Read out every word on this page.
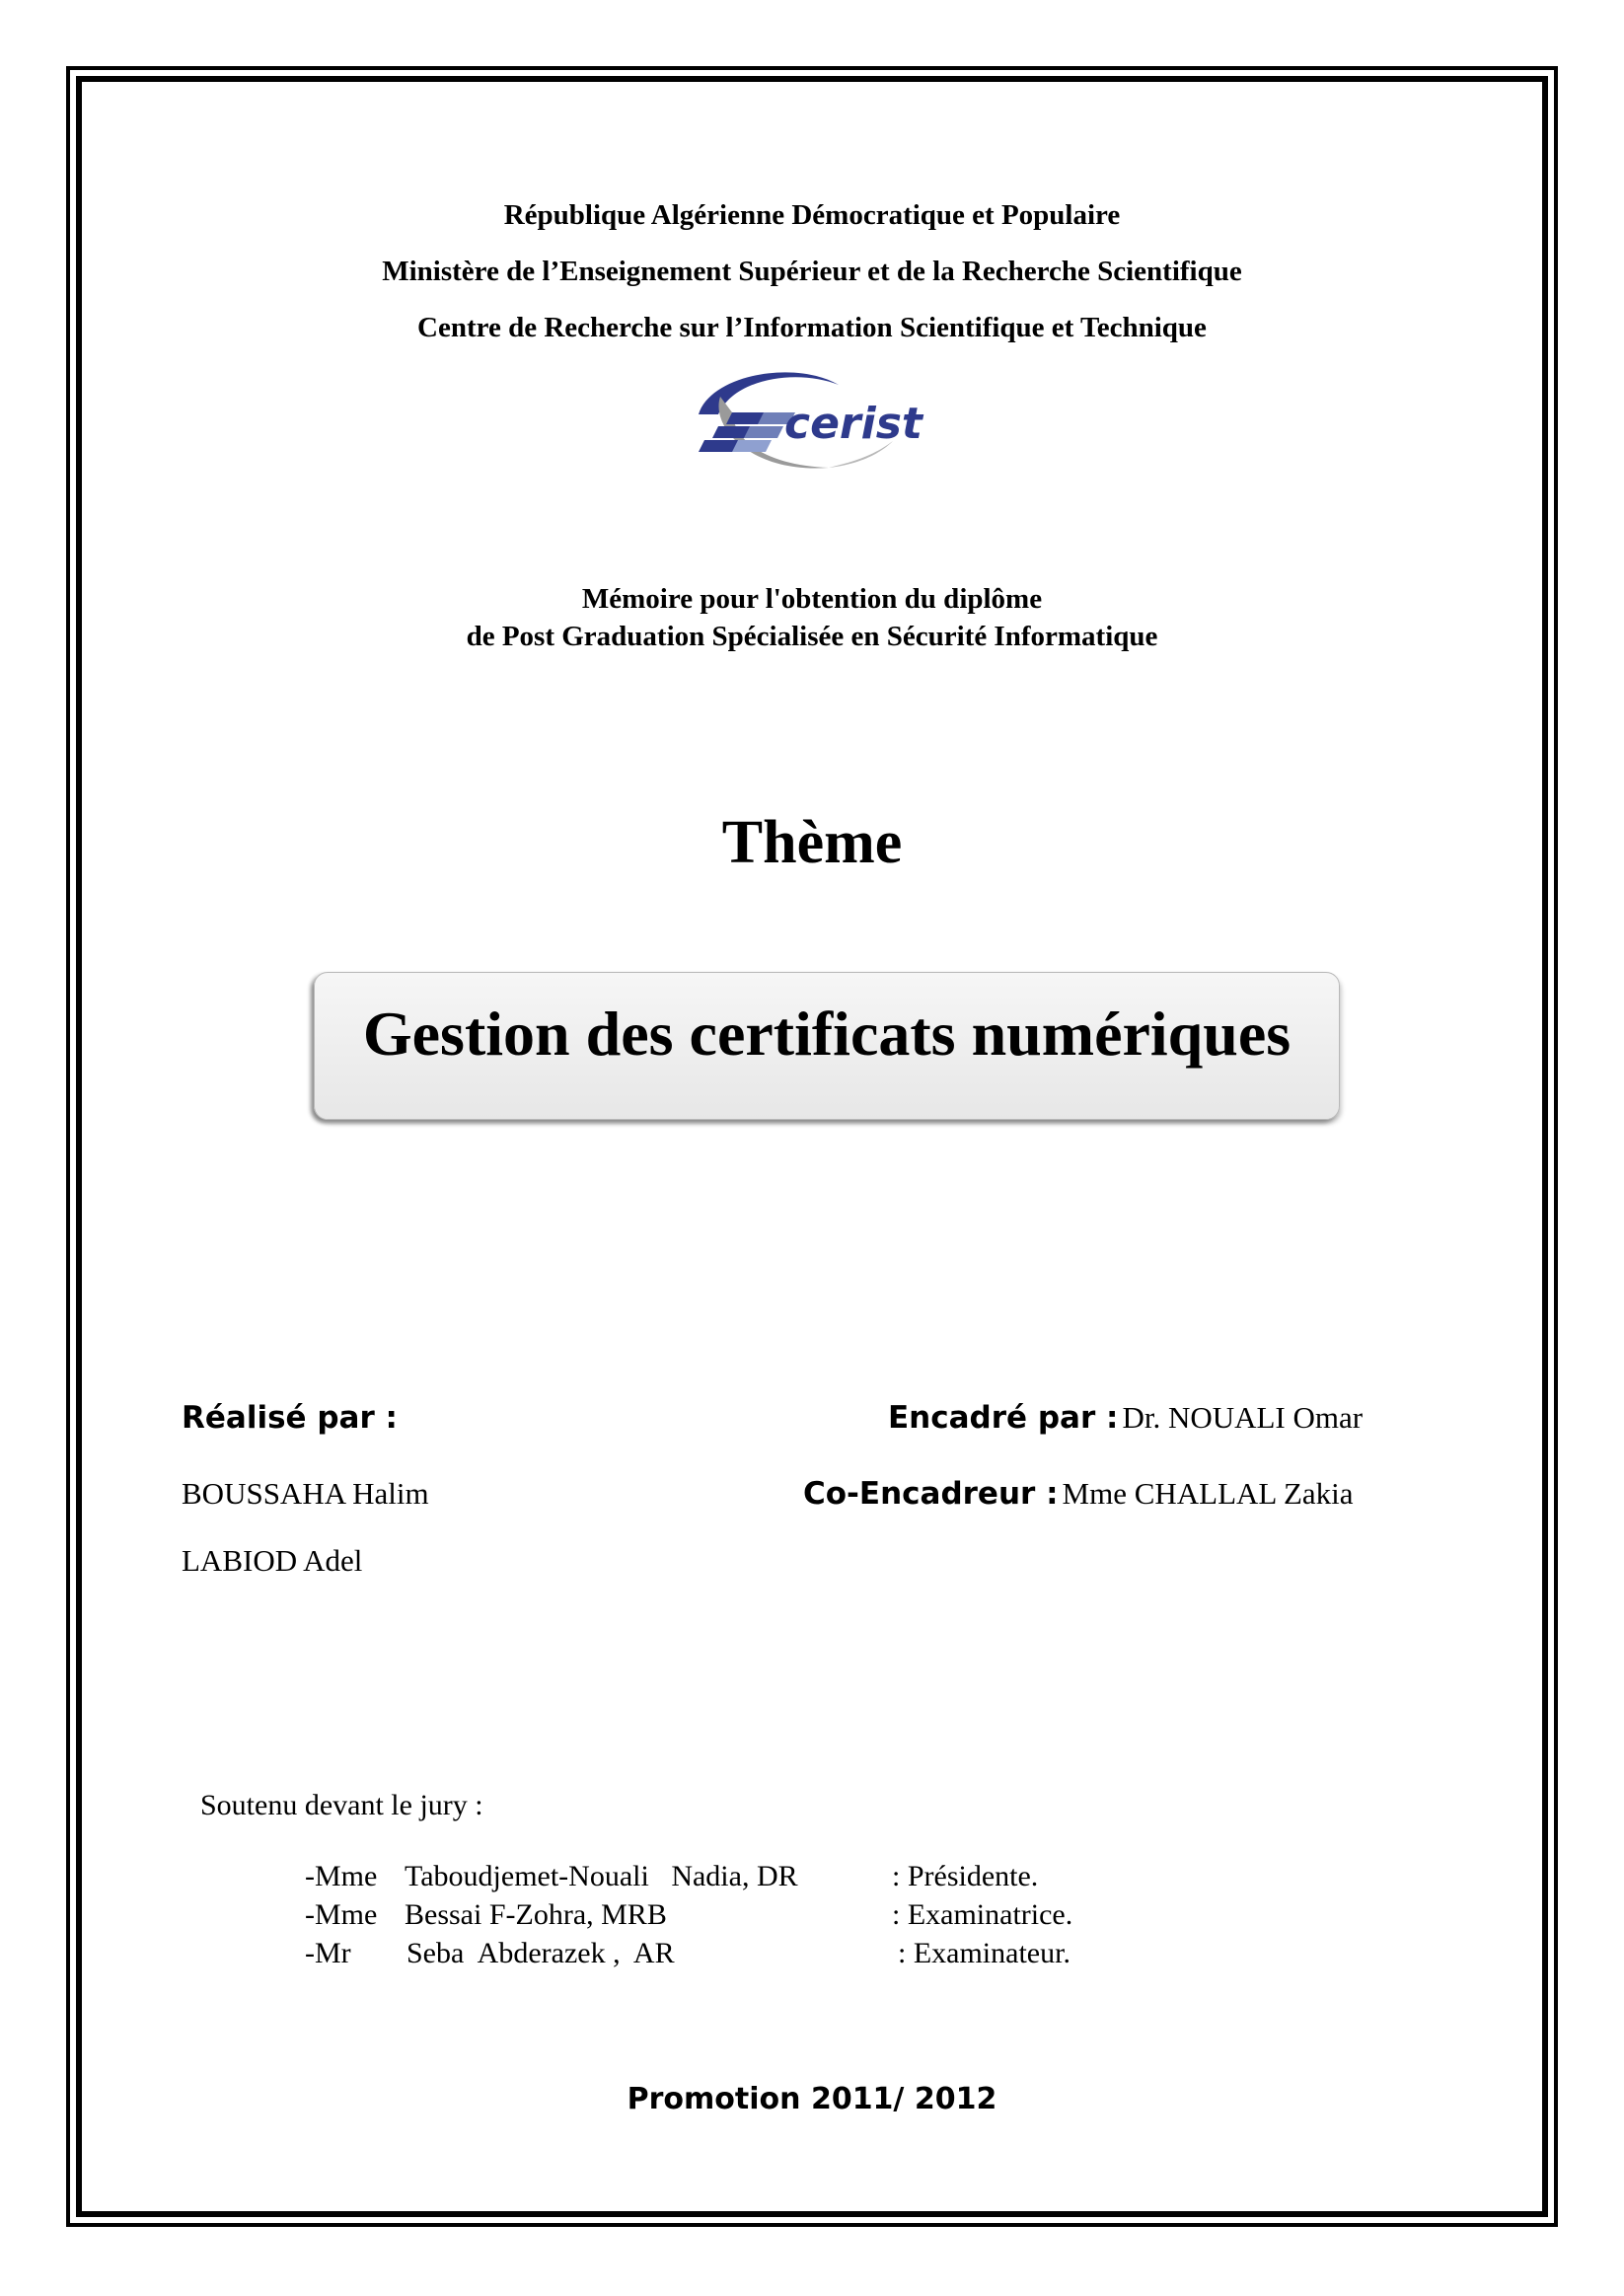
République Algérienne Démocratique et Populaire
Ministère de l’Enseignement Supérieur et de la Recherche Scientifique
Centre de Recherche sur l’Information Scientifique et Technique
cerist
Mémoire pour l'obtention du diplôme
de Post Graduation Spécialisée en Sécurité Informatique
Thème
Gestion des certificats numériques
Réalisé par :
BOUSSAHA Halim
LABIOD Adel
Encadré par : Dr. NOUALI Omar
Co-Encadreur : Mme CHALLAL Zakia
Soutenu devant le jury :
-Mme Taboudjemet-Nouali   Nadia, DR	: Présidente.
-Mme Bessai F-Zohra, MRB	: Examinatrice.
-Mr Seba  Abderazek ,  AR	: Examinateur.
Promotion 2011/ 2012
